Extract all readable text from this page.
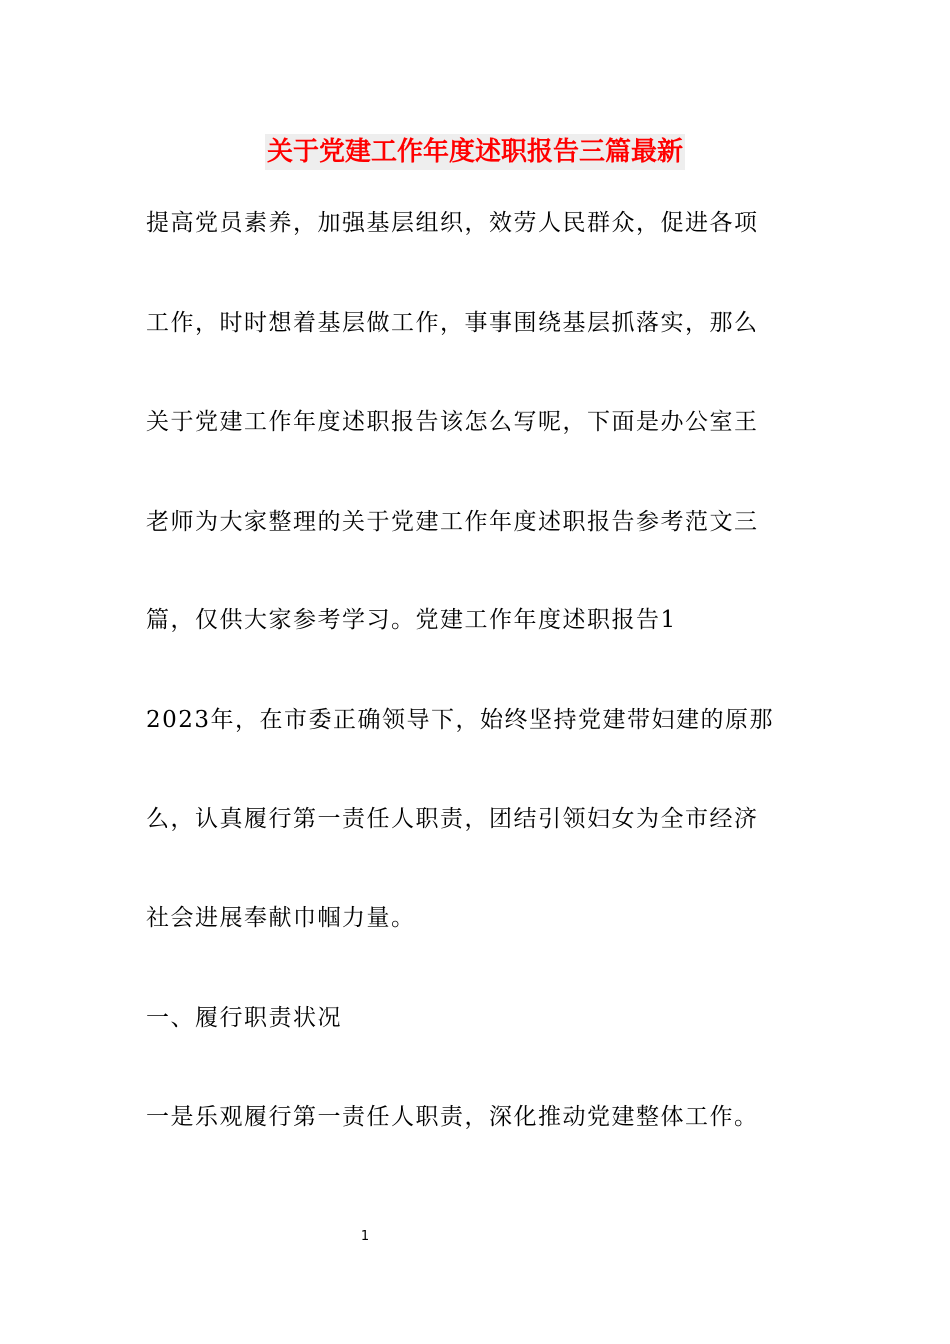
关于党建工作年度述职报告三篇最新
提高党员素养，加强基层组织，效劳人民群众，促进各项
工作，时时想着基层做工作，事事围绕基层抓落实，那么
关于党建工作年度述职报告该怎么写呢，下面是办公室王
老师为大家整理的关于党建工作年度述职报告参考范文三
篇，仅供大家参考学习。党建工作年度述职报告1
2023年，在市委正确领导下，始终坚持党建带妇建的原那
么，认真履行第一责任人职责，团结引领妇女为全市经济
社会进展奉献巾帼力量。
一、履行职责状况
一是乐观履行第一责任人职责，深化推动党建整体工作。
1
